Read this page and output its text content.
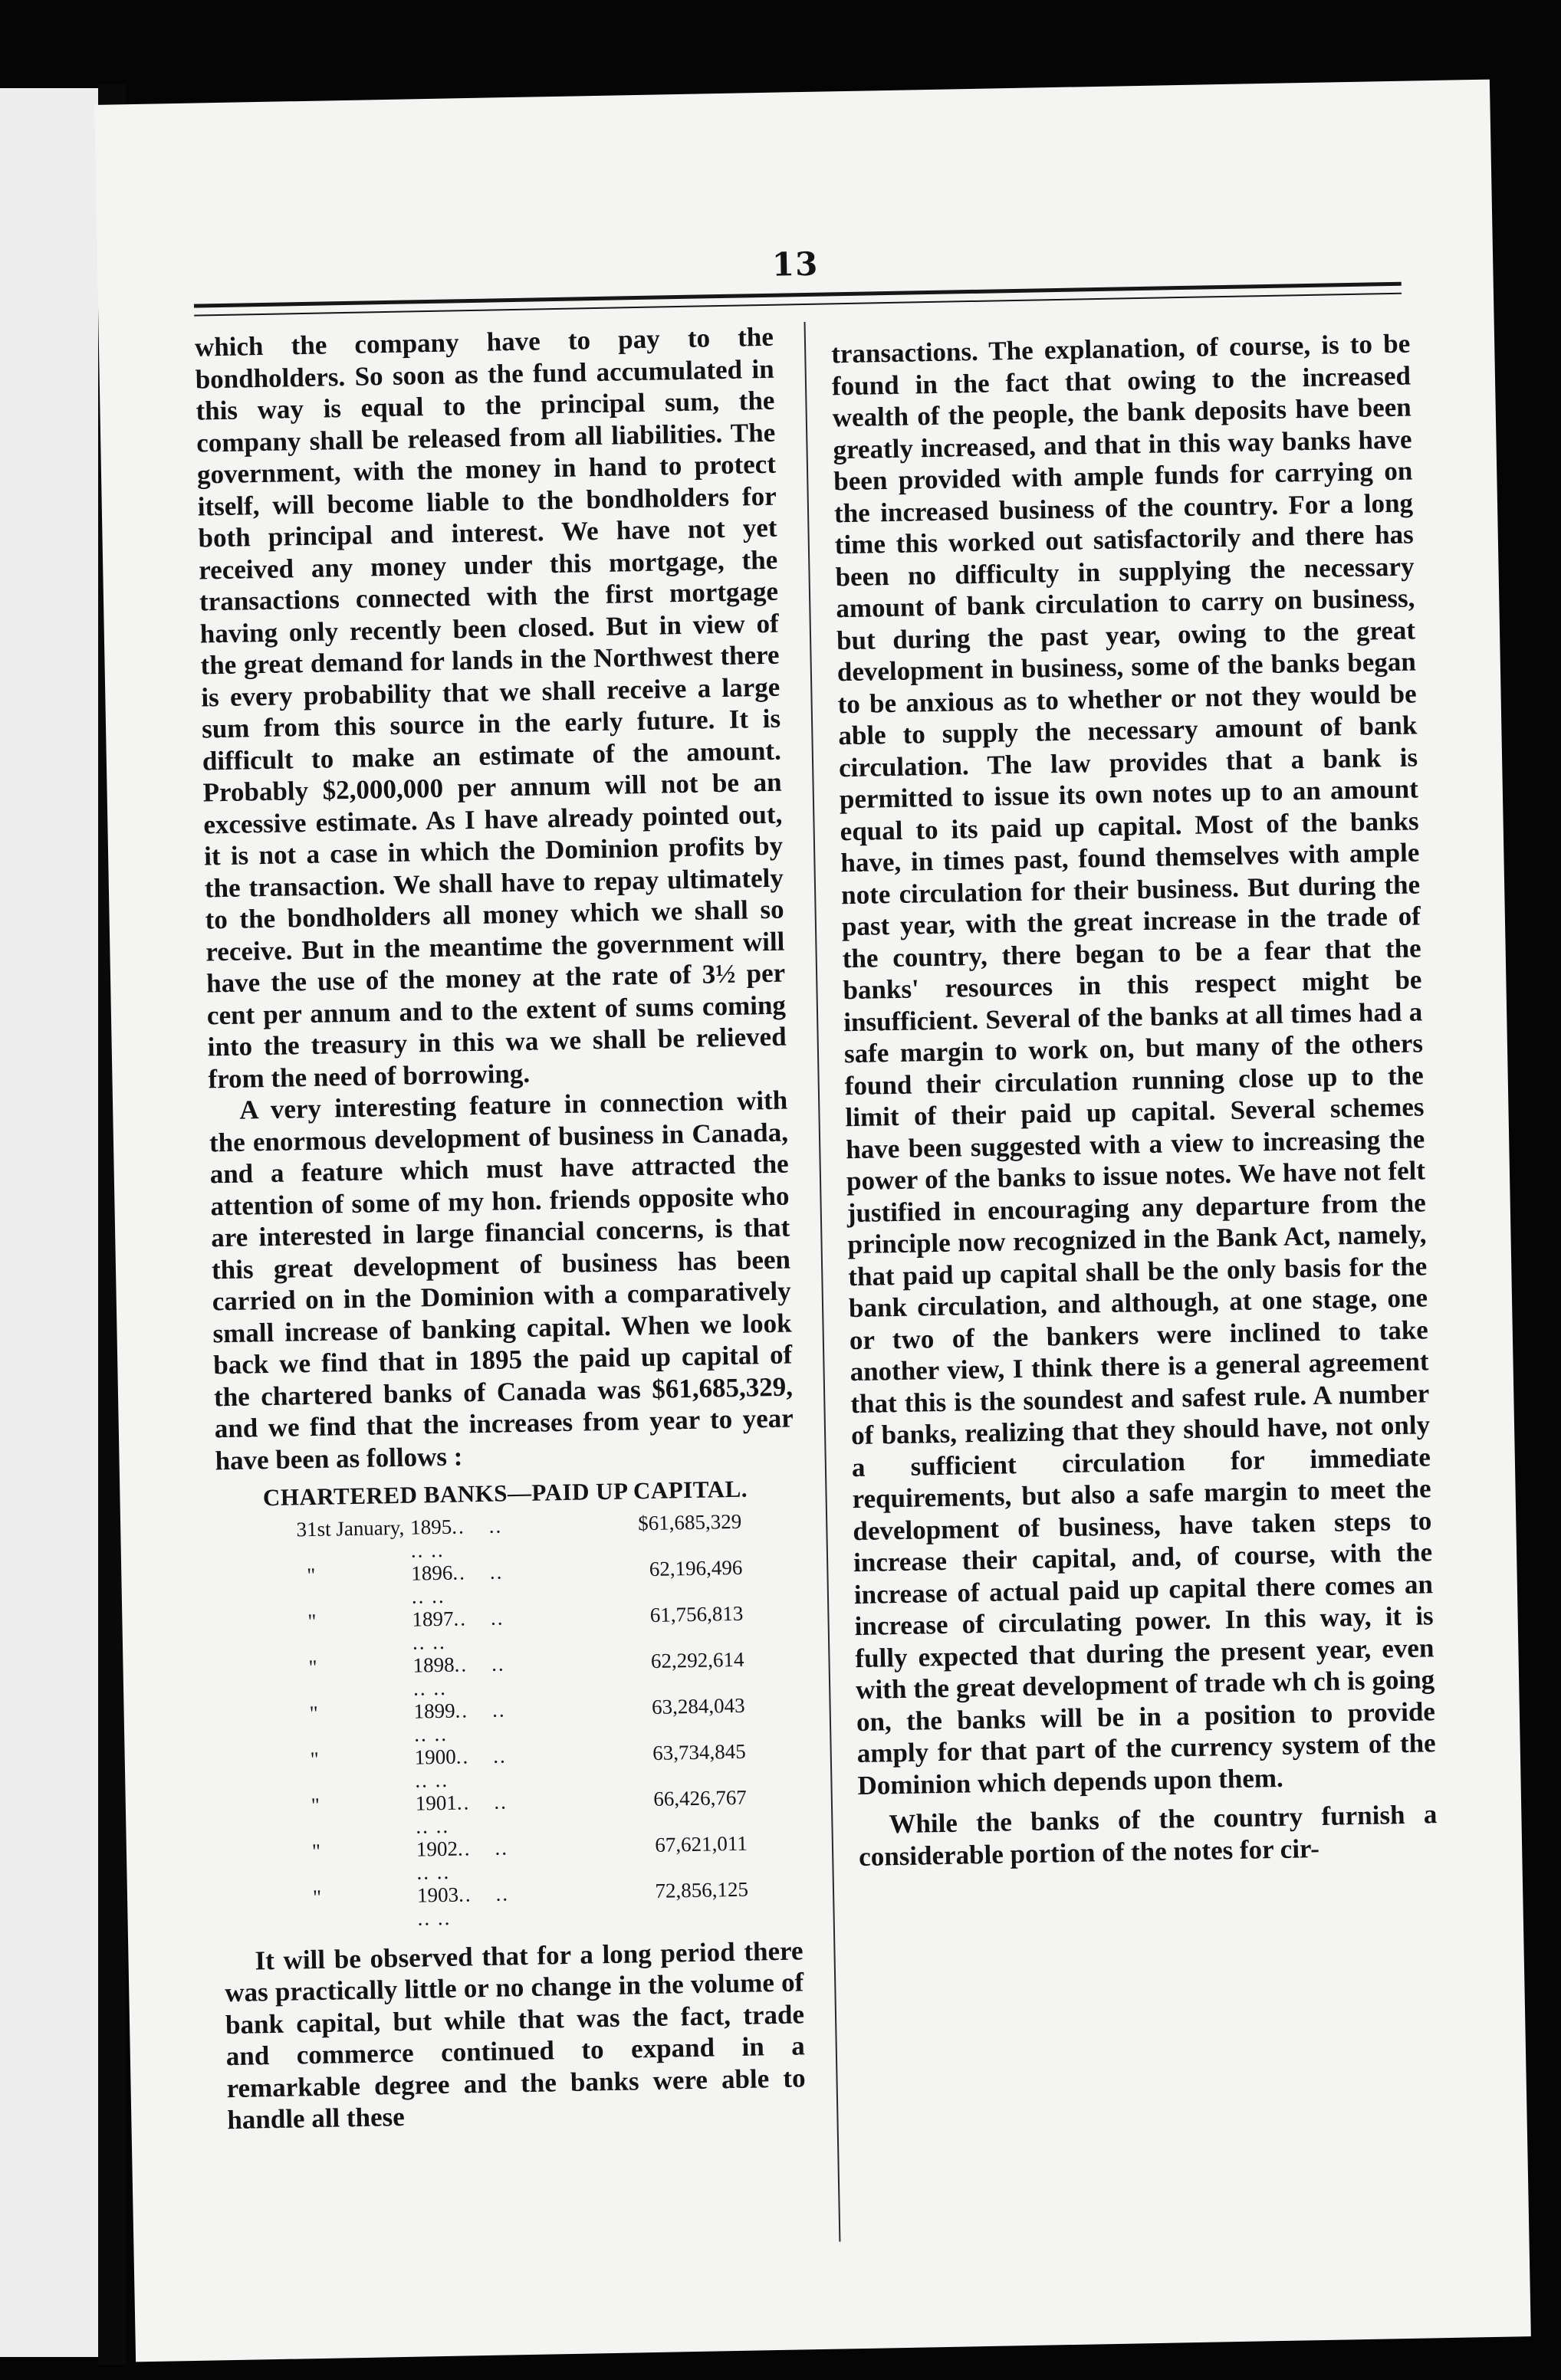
13

which the company have to pay to the bondholders. So soon as the fund accumulated in this way is equal to the principal sum, the company shall be released from all liabilities. The government, with the money in hand to protect itself, will become liable to the bondholders for both principal and interest. We have not yet received any money under this mortgage, the transactions connected with the first mortgage having only recently been closed. But in view of the great demand for lands in the Northwest there is every probability that we shall receive a large sum from this source in the early future. It is difficult to make an estimate of the amount. Probably $2,000,000 per annum will not be an excessive estimate. As I have already pointed out, it is not a case in which the Dominion profits by the transaction. We shall have to repay ultimately to the bondholders all money which we shall so receive. But in the meantime the government will have the use of the money at the rate of 3½ per cent per annum and to the extent of sums coming into the treasury in this wa we shall be relieved from the need of borrowing.

A very interesting feature in connection with the enormous development of business in Canada, and a feature which must have attracted the attention of some of my hon. friends opposite who are interested in large financial concerns, is that this great development of business has been carried on in the Dominion with a comparatively small increase of banking capital. When we look back we find that in 1895 the paid up capital of the chartered banks of Canada was $61,685,329, and we find that the increases from year to year have been as follows :

CHARTERED BANKS—PAID UP CAPITAL.
31st January,	1895.. .. .. ..	$61,685,329
"	1896.. .. .. ..	62,196,496
"	1897.. .. .. ..	61,756,813
"	1898.. .. .. ..	62,292,614
"	1899.. .. .. ..	63,284,043
"	1900.. .. .. ..	63,734,845
"	1901.. .. .. ..	66,426,767
"	1902.. .. .. ..	67,621,011
"	1903.. .. .. ..	72,856,125

It will be observed that for a long period there was practically little or no change in the volume of bank capital, but while that was the fact, trade and commerce continued to expand in a remarkable degree and the banks were able to handle all these

transactions. The explanation, of course, is to be found in the fact that owing to the increased wealth of the people, the bank deposits have been greatly increased, and that in this way banks have been provided with ample funds for carrying on the increased business of the country. For a long time this worked out satisfactorily and there has been no difficulty in supplying the necessary amount of bank circulation to carry on business, but during the past year, owing to the great development in business, some of the banks began to be anxious as to whether or not they would be able to supply the necessary amount of bank circulation. The law provides that a bank is permitted to issue its own notes up to an amount equal to its paid up capital. Most of the banks have, in times past, found themselves with ample note circulation for their business. But during the past year, with the great increase in the trade of the country, there began to be a fear that the banks' resources in this respect might be insufficient. Several of the banks at all times had a safe margin to work on, but many of the others found their circulation running close up to the limit of their paid up capital. Several schemes have been suggested with a view to increasing the power of the banks to issue notes. We have not felt justified in encouraging any departure from the principle now recognized in the Bank Act, namely, that paid up capital shall be the only basis for the bank circulation, and although, at one stage, one or two of the bankers were inclined to take another view, I think there is a general agreement that this is the soundest and safest rule. A number of banks, realizing that they should have, not only a sufficient circulation for immediate requirements, but also a safe margin to meet the development of business, have taken steps to increase their capital, and, of course, with the increase of actual paid up capital there comes an increase of circulating power. In this way, it is fully expected that during the present year, even with the great development of trade wh ch is going on, the banks will be in a position to provide amply for that part of the currency system of the Dominion which depends upon them.

While the banks of the country furnish a considerable portion of the notes for cir-
